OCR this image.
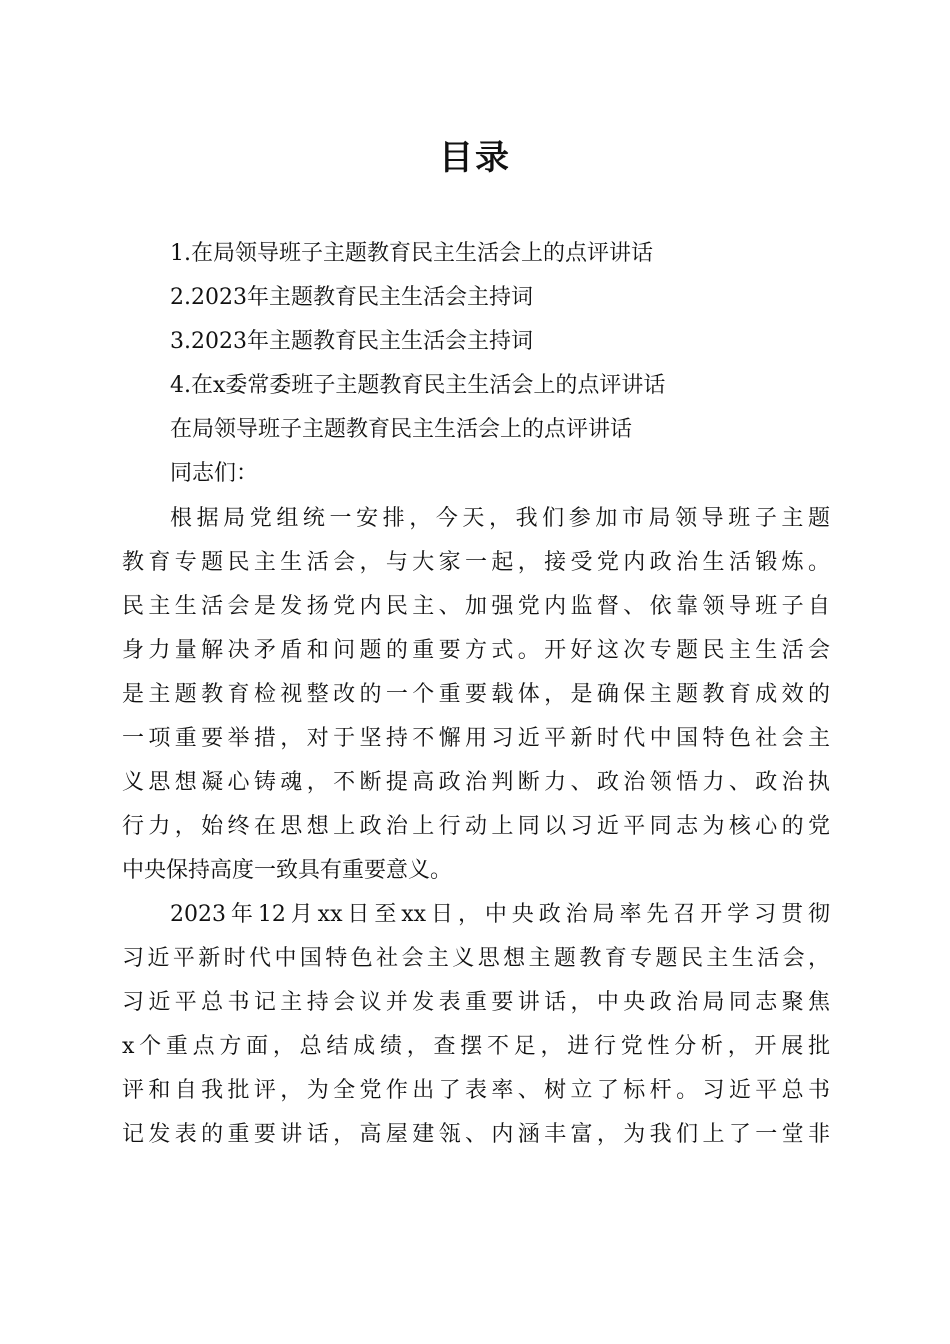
目录
1.在局领导班子主题教育民主生活会上的点评讲话
2.2023年主题教育民主生活会主持词
3.2023年主题教育民主生活会主持词
4.在x委常委班子主题教育民主生活会上的点评讲话
在局领导班子主题教育民主生活会上的点评讲话
同志们：
根据局党组统一安排，今天，我们参加市局领导班子主题
教育专题民主生活会，与大家一起，接受党内政治生活锻炼。
民主生活会是发扬党内民主、加强党内监督、依靠领导班子自
身力量解决矛盾和问题的重要方式。开好这次专题民主生活会
是主题教育检视整改的一个重要载体，是确保主题教育成效的
一项重要举措，对于坚持不懈用习近平新时代中国特色社会主
义思想凝心铸魂，不断提高政治判断力、政治领悟力、政治执
行力，始终在思想上政治上行动上同以习近平同志为核心的党
中央保持高度一致具有重要意义。
2023年12月xx日至xx日，中央政治局率先召开学习贯彻
习近平新时代中国特色社会主义思想主题教育专题民主生活会，
习近平总书记主持会议并发表重要讲话，中央政治局同志聚焦
x个重点方面，总结成绩，查摆不足，进行党性分析，开展批
评和自我批评，为全党作出了表率、树立了标杆。习近平总书
记发表的重要讲话，高屋建瓴、内涵丰富，为我们上了一堂非
